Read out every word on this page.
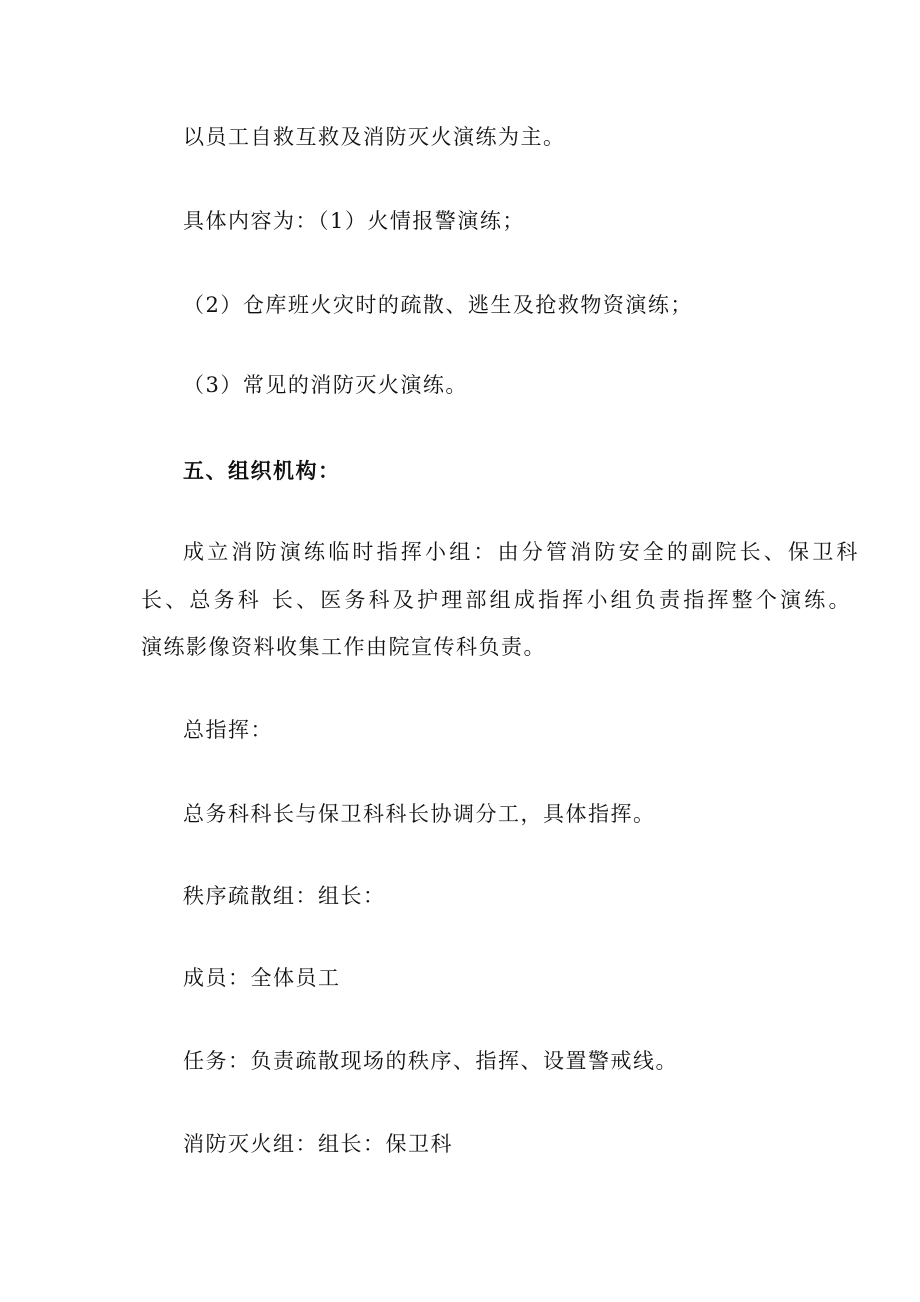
以员工自救互救及消防灭火演练为主。
具体内容为：（1）火情报警演练；
（2）仓库班火灾时的疏散、逃生及抢救物资演练；
（3）常见的消防灭火演练。
五、组织机构：
成立消防演练临时指挥小组：由分管消防安全的副院长、保卫科
长、总务科 长、医务科及护理部组成指挥小组负责指挥整个演练。
演练影像资料收集工作由院宣传科负责。
总指挥：
总务科科长与保卫科科长协调分工，具体指挥。
秩序疏散组：组长：
成员：全体员工
任务：负责疏散现场的秩序、指挥、设置警戒线。
消防灭火组：组长：保卫科
